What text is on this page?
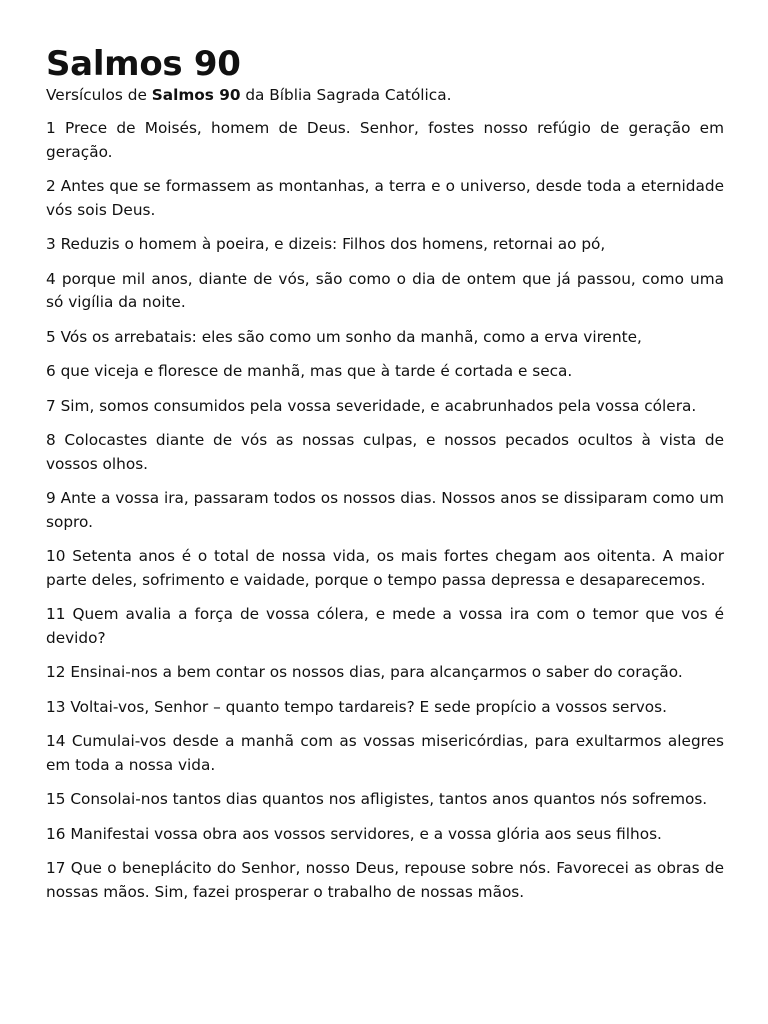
Salmos 90

Versículos de Salmos 90 da Bíblia Sagrada Católica.

1 Prece de Moisés, homem de Deus. Senhor, fostes nosso refúgio de geração em geração.

2 Antes que se formassem as montanhas, a terra e o universo, desde toda a eternidade vós sois Deus.

3 Reduzis o homem à poeira, e dizeis: Filhos dos homens, retornai ao pó,

4 porque mil anos, diante de vós, são como o dia de ontem que já passou, como uma só vigília da noite.

5 Vós os arrebatais: eles são como um sonho da manhã, como a erva virente,

6 que viceja e floresce de manhã, mas que à tarde é cortada e seca.

7 Sim, somos consumidos pela vossa severidade, e acabrunhados pela vossa cólera.

8 Colocastes diante de vós as nossas culpas, e nossos pecados ocultos à vista de vossos olhos.

9 Ante a vossa ira, passaram todos os nossos dias. Nossos anos se dissiparam como um sopro.

10 Setenta anos é o total de nossa vida, os mais fortes chegam aos oitenta. A maior parte deles, sofrimento e vaidade, porque o tempo passa depressa e desaparecemos.

11 Quem avalia a força de vossa cólera, e mede a vossa ira com o temor que vos é devido?

12 Ensinai-nos a bem contar os nossos dias, para alcançarmos o saber do coração.

13 Voltai-vos, Senhor – quanto tempo tardareis? E sede propício a vossos servos.

14 Cumulai-vos desde a manhã com as vossas misericórdias, para exultarmos alegres em toda a nossa vida.

15 Consolai-nos tantos dias quantos nos afligistes, tantos anos quantos nós sofremos.

16 Manifestai vossa obra aos vossos servidores, e a vossa glória aos seus filhos.

17 Que o beneplácito do Senhor, nosso Deus, repouse sobre nós. Favorecei as obras de nossas mãos. Sim, fazei prosperar o trabalho de nossas mãos.
